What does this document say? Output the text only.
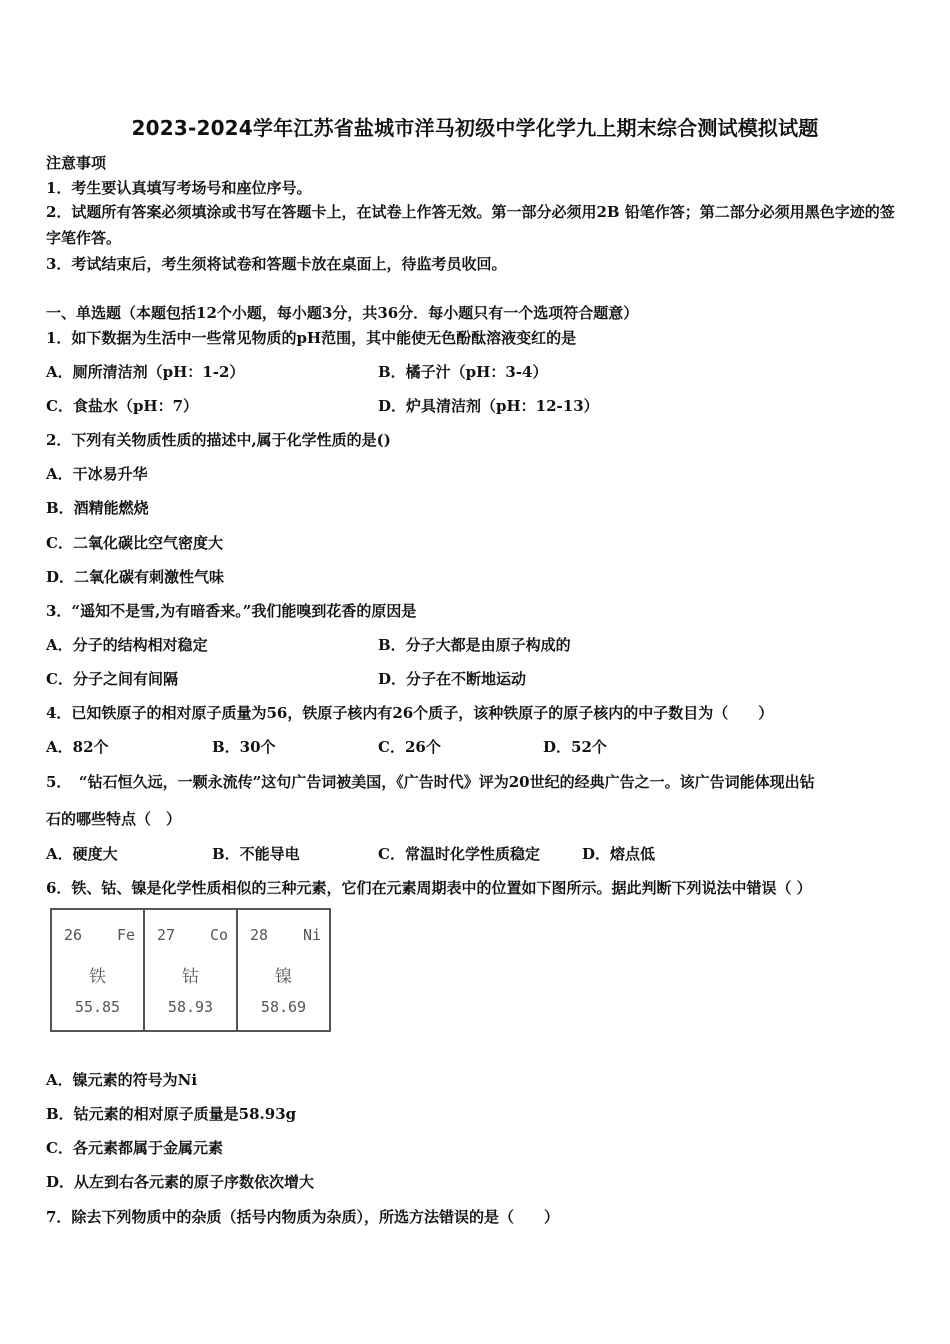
2023-2024学年江苏省盐城市洋马初级中学化学九上期末综合测试模拟试题
注意事项
1．考生要认真填写考场号和座位序号。
2．试题所有答案必须填涂或书写在答题卡上，在试卷上作答无效。第一部分必须用2B 铅笔作答；第二部分必须用黑色字迹的签字笔作答。
3．考试结束后，考生须将试卷和答题卡放在桌面上，待监考员收回。
一、单选题（本题包括12个小题，每小题3分，共36分．每小题只有一个选项符合题意）
1．如下数据为生活中一些常见物质的pH范围，其中能使无色酚酞溶液变红的是
A．厕所清洁剂（pH：1-2）	B．橘子汁（pH：3-4）
C．食盐水（pH：7）	D．炉具清洁剂（pH：12-13）
2．下列有关物质性质的描述中,属于化学性质的是()
A．干冰易升华
B．酒精能燃烧
C．二氧化碳比空气密度大
D．二氧化碳有刺激性气味
3．“遥知不是雪,为有暗香来。”我们能嗅到花香的原因是
A．分子的结构相对稳定	B．分子大都是由原子构成的
C．分子之间有间隔	D．分子在不断地运动
4．已知铁原子的相对原子质量为56，铁原子核内有26个质子，该种铁原子的原子核内的中子数目为（　　）
A．82个	B．30个	C．26个	D．52个
5．　“钻石恒久远，一颗永流传”这句广告词被美国，《广告时代》评为20世纪的经典广告之一。该广告词能体现出钻
石的哪些特点（　）
A．硬度大	B．不能导电	C．常温时化学性质稳定	D．熔点低
6．铁、钴、镍是化学性质相似的三种元素，它们在元素周期表中的位置如下图所示。据此判断下列说法中错误（ ）
26 Fe
铁
55.85

27 Co
钴
58.93

28 Ni
镍
58.69
A．镍元素的符号为Ni
B．钴元素的相对原子质量是58.93g
C．各元素都属于金属元素
D．从左到右各元素的原子序数依次增大
7．除去下列物质中的杂质（括号内物质为杂质），所选方法错误的是（　　）
